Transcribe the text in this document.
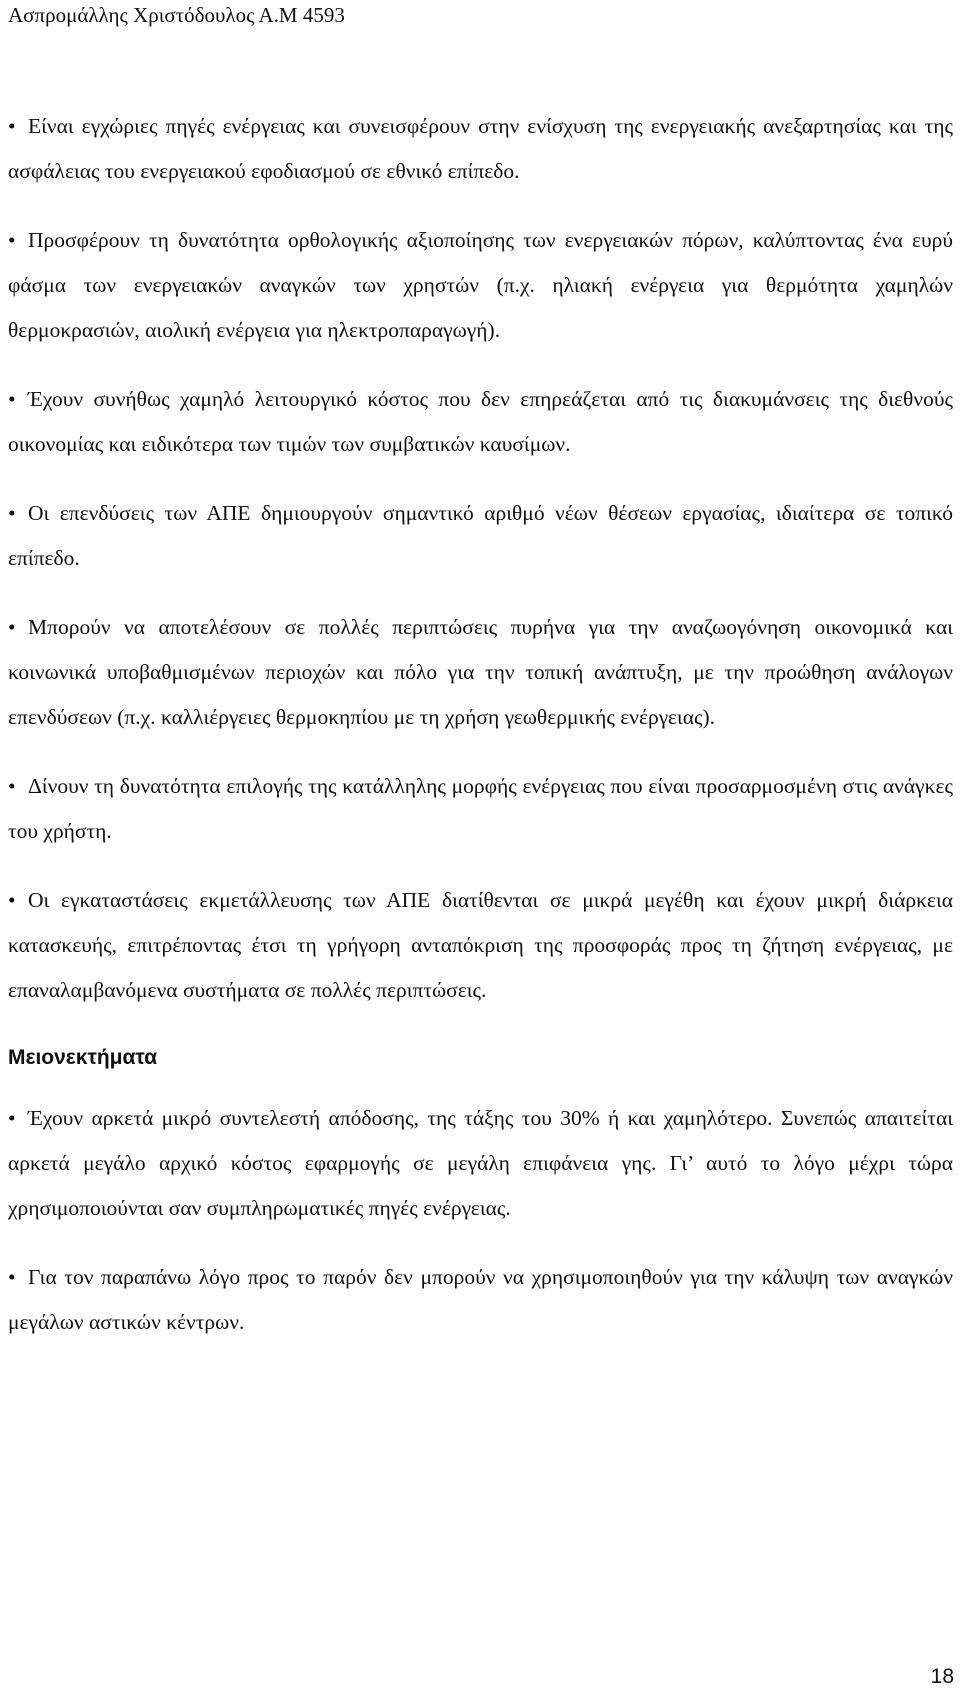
Ασπρομάλλης Χριστόδουλος Α.Μ 4593

• Είναι εγχώριες πηγές ενέργειας και συνεισφέρουν στην ενίσχυση της ενεργειακής ανεξαρτησίας και της ασφάλειας του ενεργειακού εφοδιασμού σε εθνικό επίπεδο.

• Προσφέρουν τη δυνατότητα ορθολογικής αξιοποίησης των ενεργειακών πόρων, καλύπτοντας ένα ευρύ φάσμα των ενεργειακών αναγκών των χρηστών (π.χ. ηλιακή ενέργεια για θερμότητα χαμηλών θερμοκρασιών, αιολική ενέργεια για ηλεκτροπαραγωγή).

• Έχουν συνήθως χαμηλό λειτουργικό κόστος που δεν επηρεάζεται από τις διακυμάνσεις της διεθνούς οικονομίας και ειδικότερα των τιμών των συμβατικών καυσίμων.

• Οι επενδύσεις των ΑΠΕ δημιουργούν σημαντικό αριθμό νέων θέσεων εργασίας, ιδιαίτερα σε τοπικό επίπεδο.

• Μπορούν να αποτελέσουν σε πολλές περιπτώσεις πυρήνα για την αναζωογόνηση οικονομικά και κοινωνικά υποβαθμισμένων περιοχών και πόλο για την τοπική ανάπτυξη, με την προώθηση ανάλογων επενδύσεων (π.χ. καλλιέργειες θερμοκηπίου με τη χρήση γεωθερμικής ενέργειας).

• Δίνουν τη δυνατότητα επιλογής της κατάλληλης μορφής ενέργειας που είναι προσαρμοσμένη στις ανάγκες του χρήστη.

• Οι εγκαταστάσεις εκμετάλλευσης των ΑΠΕ διατίθενται σε μικρά μεγέθη και έχουν μικρή διάρκεια κατασκευής, επιτρέποντας έτσι τη γρήγορη ανταπόκριση της προσφοράς προς τη ζήτηση ενέργειας, με επαναλαμβανόμενα συστήματα σε πολλές περιπτώσεις.

Μειονεκτήματα

• Έχουν αρκετά μικρό συντελεστή απόδοσης, της τάξης του 30% ή και χαμηλότερο. Συνεπώς απαιτείται αρκετά μεγάλο αρχικό κόστος εφαρμογής σε μεγάλη επιφάνεια γης. Γι’ αυτό το λόγο μέχρι τώρα χρησιμοποιούνται σαν συμπληρωματικές πηγές ενέργειας.

• Για τον παραπάνω λόγο προς το παρόν δεν μπορούν να χρησιμοποιηθούν για την κάλυψη των αναγκών μεγάλων αστικών κέντρων.

18
